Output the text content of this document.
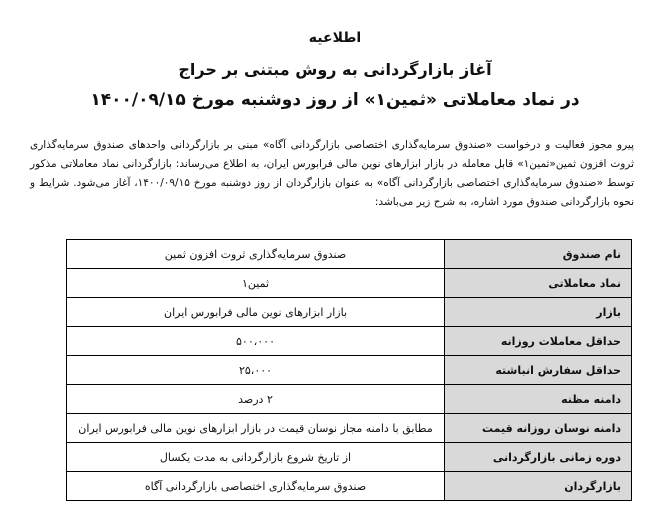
اطلاعیه
آغاز بازارگردانی به روش مبتنی بر حراج
در نماد معاملاتی «ثمین۱» از روز دوشنبه مورخ ۱۴۰۰/۰۹/۱۵
پیرو مجوز فعالیت و درخواست «صندوق سرمایه‌گذاری اختصاصی بازارگردانی آگاه» مبنی بر بازارگردانی واحدهای صندوق سرمایه‌گذاری ثروت افزون ثمین«ثمین۱» قابل معامله در بازار ابزارهای نوین مالی فرابورس ایران، به اطلاع می‌رساند: بازارگردانی نماد معاملاتی مذکور توسط «صندوق سرمایه‌گذاری اختصاصی بازارگردانی آگاه» به عنوان بازارگردان از روز دوشنبه مورخ ۱۴۰۰/۰۹/۱۵، آغاز می‌شود. شرایط و نحوه بازارگردانی صندوق مورد اشاره، به شرح زیر می‌باشد:
نام صندوق	صندوق سرمایه‌گذاری ثروت افزون ثمین
نماد معاملاتی	ثمین۱
بازار	بازار ابزارهای نوین مالی فرابورس ایران
حداقل معاملات روزانه	۵۰۰،۰۰۰
حداقل سفارش انباشته	۲۵،۰۰۰
دامنه مظنه	۲ درصد
دامنه نوسان روزانه قیمت	مطابق با دامنه مجاز نوسان قیمت در بازار ابزارهای نوین مالی فرابورس ایران
دوره زمانی بازارگردانی	از تاریخ شروع بازارگردانی به مدت یکسال
بازارگردان	صندوق سرمایه‌گذاری اختصاصی بازارگردانی آگاه
